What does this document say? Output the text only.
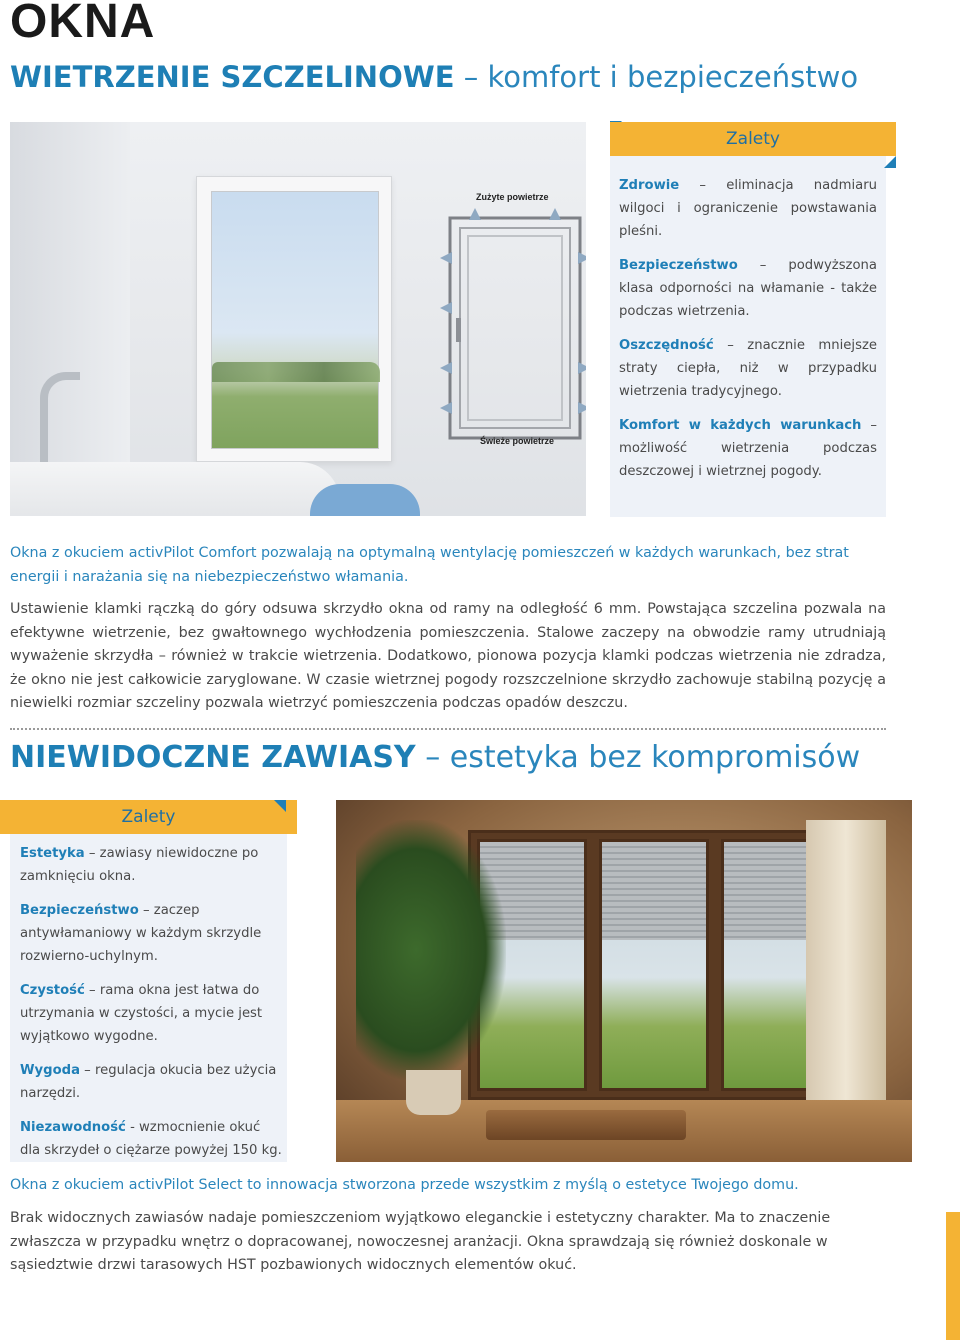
OKNA
WIETRZENIE SZCZELINOWE – komfort i bezpieczeństwo
Zużyte powietrze
Świeże powietrze
Zalety
Zdrowie – eliminacja nadmiaru wilgoci i ograniczenie powstawania pleśni.
Bezpieczeństwo – podwyższona klasa odporności na włamanie - także podczas wietrzenia.
Oszczędność – znacznie mniejsze straty ciepła, niż w przypadku wietrzenia tradycyjnego.
Komfort w każdych warunkach – możliwość wietrzenia podczas deszczowej i wietrznej pogody.

Okna z okuciem activPilot Comfort pozwalają na optymalną wentylację pomieszczeń w każdych warunkach, bez strat energii i narażania się na niebezpieczeństwo włamania.

Ustawienie klamki rączką do góry odsuwa skrzydło okna od ramy na odległość 6 mm. Powstająca szczelina pozwala na efektywne wietrzenie, bez gwałtownego wychłodzenia pomieszczenia. Stalowe zaczepy na obwodzie ramy utrudniają wyważenie skrzydła – również w trakcie wietrzenia. Dodatkowo, pionowa pozycja klamki podczas wietrzenia nie zdradza, że okno nie jest całkowicie zaryglowane. W czasie wietrznej pogody rozszczelnione skrzydło zachowuje stabilną pozycję a niewielki rozmiar szczeliny pozwala wietrzyć pomieszczenia podczas opadów deszczu.

NIEWIDOCZNE ZAWIASY – estetyka bez kompromisów
Zalety
Estetyka – zawiasy niewidoczne po zamknięciu okna.
Bezpieczeństwo – zaczep antywłamaniowy w każdym skrzydle rozwierno-uchylnym.
Czystość – rama okna jest łatwa do utrzymania w czystości, a mycie jest wyjątkowo wygodne.
Wygoda – regulacja okucia bez użycia narzędzi.
Niezawodność - wzmocnienie okuć dla skrzydeł o ciężarze powyżej 150 kg.

Okna z okuciem activPilot Select to innowacja stworzona przede wszystkim z myślą o estetyce Twojego domu.

Brak widocznych zawiasów nadaje pomieszczeniom wyjątkowo eleganckie i estetyczny charakter. Ma to znaczenie zwłaszcza w przypadku wnętrz o dopracowanej, nowoczesnej aranżacji. Okna sprawdzają się również doskonale w sąsiedztwie drzwi tarasowych HST pozbawionych widocznych elementów okuć.
